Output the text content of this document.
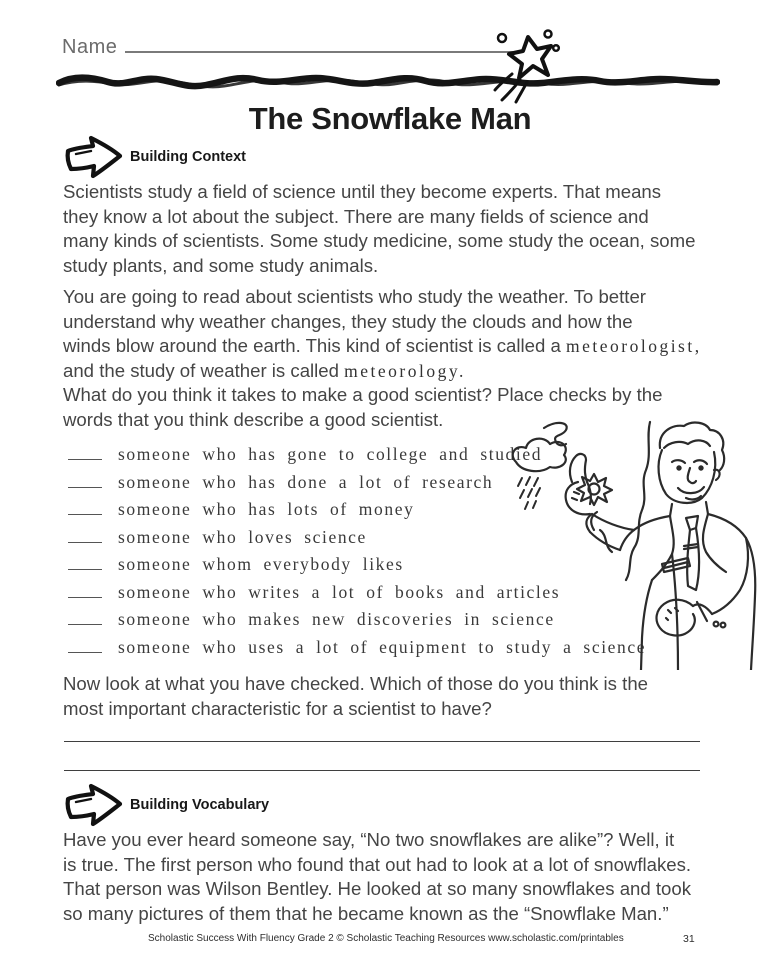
Name
The Snowflake Man
Building Context
Scientists study a field of science until they become experts. That means
they know a lot about the subject. There are many fields of science and
many kinds of scientists. Some study medicine, some study the ocean, some
study plants, and some study animals.
You are going to read about scientists who study the weather. To better
understand why weather changes, they study the clouds and how the
winds blow around the earth. This kind of scientist is called a meteorologist,
and the study of weather is called meteorology.
What do you think it takes to make a good scientist? Place checks by the
words that you think describe a good scientist.
someone who has gone to college and studied
someone who has done a lot of research
someone who has lots of money
someone who loves science
someone whom everybody likes
someone who writes a lot of books and articles
someone who makes new discoveries in science
someone who uses a lot of equipment to study a science
Now look at what you have checked. Which of those do you think is the
most important characteristic for a scientist to have?
Building Vocabulary
Have you ever heard someone say, “No two snowflakes are alike”? Well, it
is true. The first person who found that out had to look at a lot of snowflakes.
That person was Wilson Bentley. He looked at so many snowflakes and took
so many pictures of them that he became known as the “Snowflake Man.”
Scholastic Success With Fluency Grade 2 © Scholastic Teaching Resources www.scholastic.com/printables	31
